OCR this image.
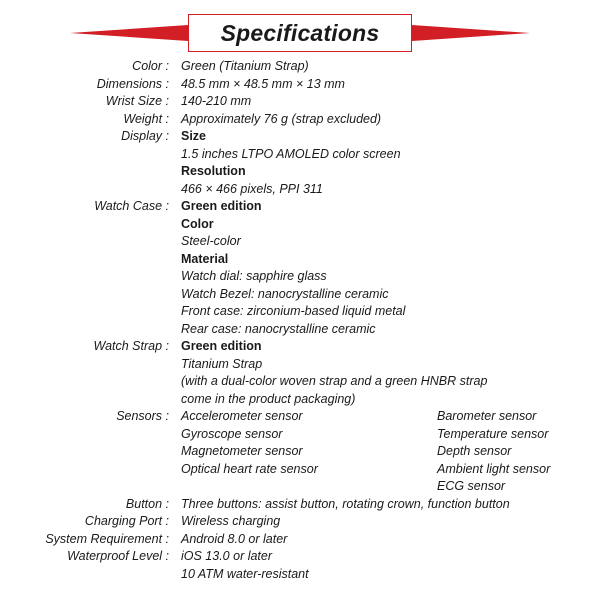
Specifications
Color : Green (Titanium Strap)
Dimensions : 48.5 mm × 48.5 mm × 13 mm
Wrist Size : 140-210 mm
Weight : Approximately 76 g (strap excluded)
Display : Size
1.5 inches LTPO AMOLED color screen
Resolution
466 × 466 pixels, PPI 311
Watch Case : Green edition
Color
Steel-color
Material
Watch dial: sapphire glass
Watch Bezel: nanocrystalline ceramic
Front case: zirconium-based liquid metal
Rear case: nanocrystalline ceramic
Watch Strap : Green edition
Titanium Strap
(with a dual-color woven strap and a green HNBR strap
come in the product packaging)
Sensors : Accelerometer sensor
Gyroscope sensor
Magnetometer sensor
Optical heart rate sensor
Barometer sensor
Temperature sensor
Depth sensor
Ambient light sensor
ECG sensor
Button : Three buttons: assist button, rotating crown, function button
Charging Port : Wireless charging
System Requirement : Android 8.0 or later
Waterproof Level : iOS 13.0 or later
10 ATM water-resistant
